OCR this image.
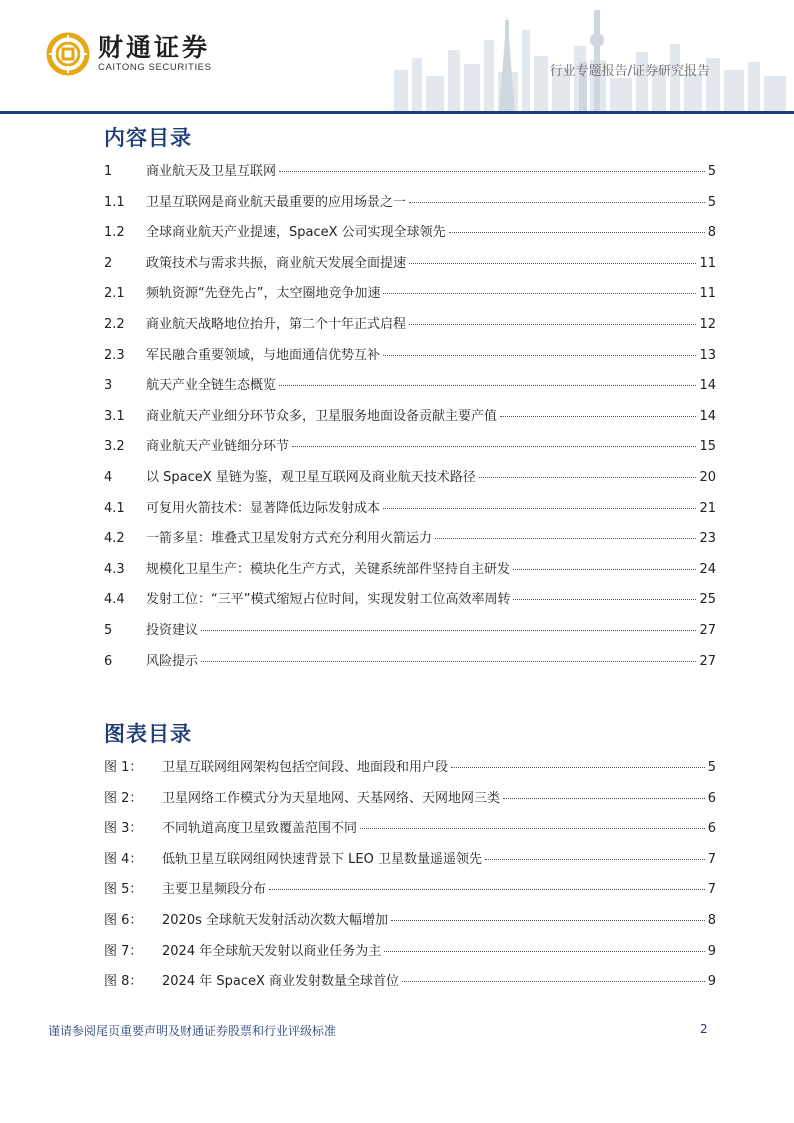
财通证券
CAITONG SECURITIES	行业专题报告/证券研究报告
内容目录
1	商业航天及卫星互联网	5
1.1	卫星互联网是商业航天最重要的应用场景之一	5
1.2	全球商业航天产业提速，SpaceX 公司实现全球领先	8
2	政策技术与需求共振，商业航天发展全面提速	11
2.1	频轨资源“先登先占”，太空圈地竞争加速	11
2.2	商业航天战略地位抬升，第二个十年正式启程	12
2.3	军民融合重要领域，与地面通信优势互补	13
3	航天产业全链生态概览	14
3.1	商业航天产业细分环节众多，卫星服务地面设备贡献主要产值	14
3.2	商业航天产业链细分环节	15
4	以 SpaceX 星链为鉴，观卫星互联网及商业航天技术路径	20
4.1	可复用火箭技术：显著降低边际发射成本	21
4.2	一箭多星：堆叠式卫星发射方式充分利用火箭运力	23
4.3	规模化卫星生产：模块化生产方式，关键系统部件坚持自主研发	24
4.4	发射工位：“三平”模式缩短占位时间，实现发射工位高效率周转	25
5	投资建议	27
6	风险提示	27
图表目录
图 1：	卫星互联网组网架构包括空间段、地面段和用户段	5
图 2：	卫星网络工作模式分为天星地网、天基网络、天网地网三类	6
图 3：	不同轨道高度卫星致覆盖范围不同	6
图 4：	低轨卫星互联网组网快速背景下 LEO 卫星数量遥遥领先	7
图 5：	主要卫星频段分布	7
图 6：	2020s 全球航天发射活动次数大幅增加	8
图 7：	2024 年全球航天发射以商业任务为主	9
图 8：	2024 年 SpaceX 商业发射数量全球首位	9
谨请参阅尾页重要声明及财通证券股票和行业评级标准	2
